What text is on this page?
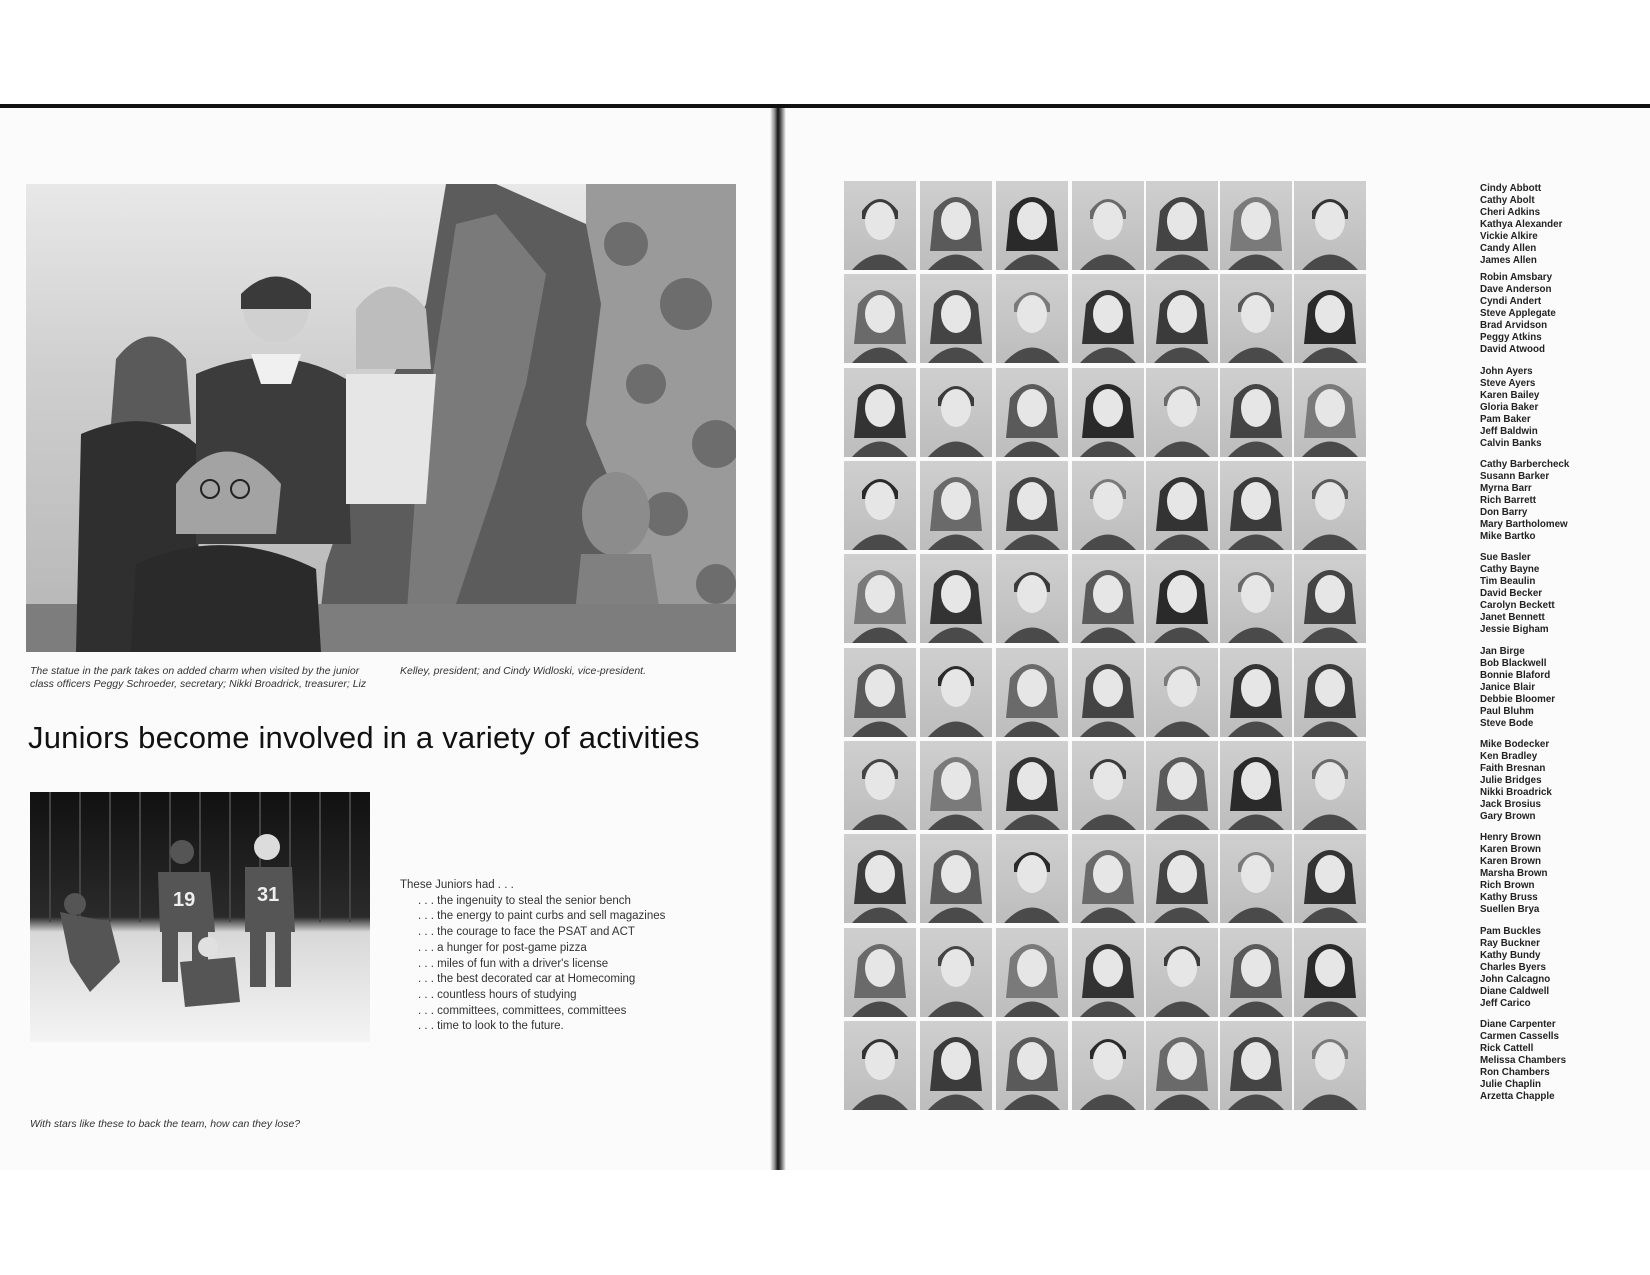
The statue in the park takes on added charm when visited by the junior class officers Peggy Schroeder, secretary; Nikki Broadrick, treasurer; Liz
Kelley, president; and Cindy Widloski, vice-president.
Juniors become involved in a variety of activities
19	31
With stars like these to back the team, how can they lose?
These Juniors had . . .
. . . the ingenuity to steal the senior bench
. . . the energy to paint curbs and sell magazines
. . . the courage to face the PSAT and ACT
. . . a hunger for post-game pizza
. . . miles of fun with a driver's license
. . . the best decorated car at Homecoming
. . . countless hours of studying
. . . committees, committees, committees
. . . time to look to the future.
Cindy Abbott
Cathy Abolt
Cheri Adkins
Kathya Alexander
Vickie Alkire
Candy Allen
James Allen
Robin Amsbary
Dave Anderson
Cyndi Andert
Steve Applegate
Brad Arvidson
Peggy Atkins
David Atwood
John Ayers
Steve Ayers
Karen Bailey
Gloria Baker
Pam Baker
Jeff Baldwin
Calvin Banks
Cathy Barbercheck
Susann Barker
Myrna Barr
Rich Barrett
Don Barry
Mary Bartholomew
Mike Bartko
Sue Basler
Cathy Bayne
Tim Beaulin
David Becker
Carolyn Beckett
Janet Bennett
Jessie Bigham
Jan Birge
Bob Blackwell
Bonnie Blaford
Janice Blair
Debbie Bloomer
Paul Bluhm
Steve Bode
Mike Bodecker
Ken Bradley
Faith Bresnan
Julie Bridges
Nikki Broadrick
Jack Brosius
Gary Brown
Henry Brown
Karen Brown
Karen Brown
Marsha Brown
Rich Brown
Kathy Bruss
Suellen Brya
Pam Buckles
Ray Buckner
Kathy Bundy
Charles Byers
John Calcagno
Diane Caldwell
Jeff Carico
Diane Carpenter
Carmen Cassells
Rick Cattell
Melissa Chambers
Ron Chambers
Julie Chaplin
Arzetta Chapple
